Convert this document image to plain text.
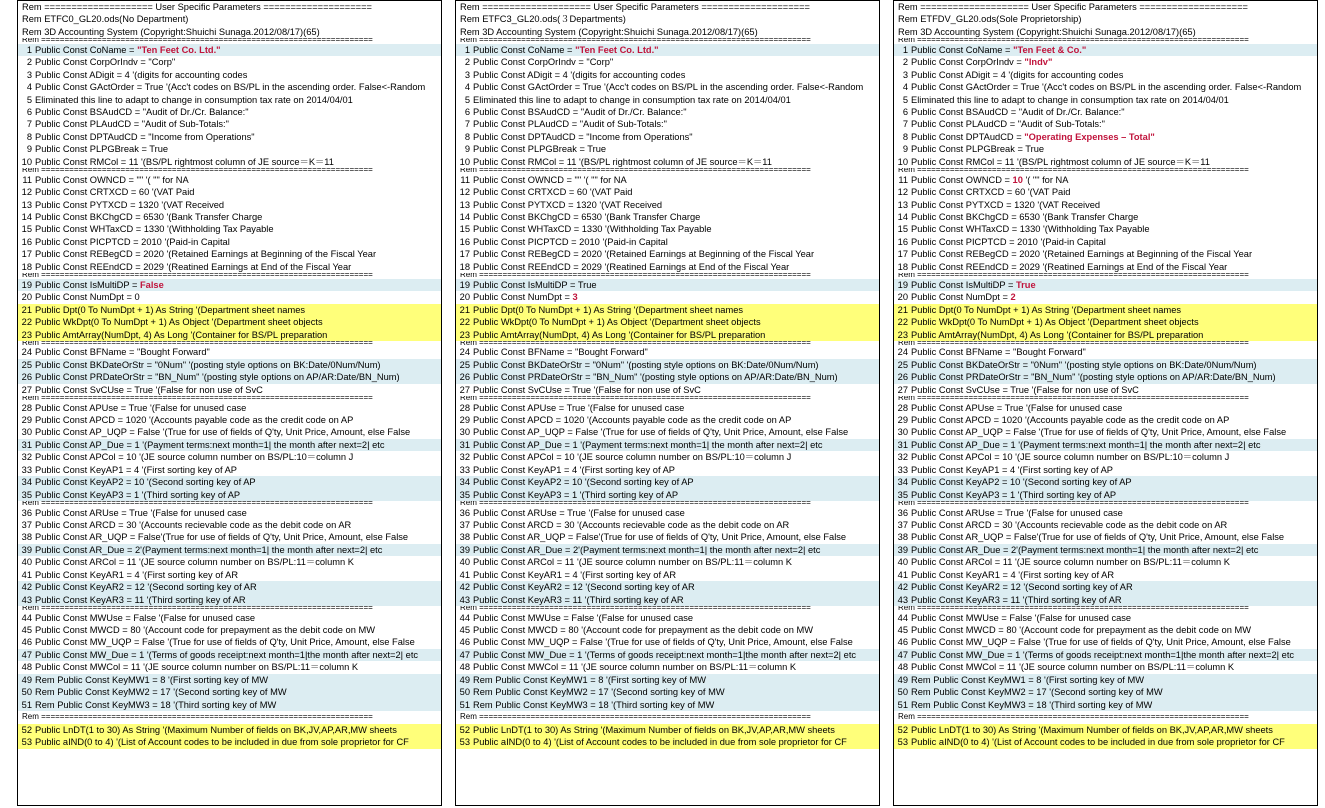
Rem ==================== User Specific Parameters ====================
Rem ETFC0_GL20.ods(No Department)
Rem 3D Accounting System (Copyright:Shuichi Sunaga.2012/08/17)(65)
Rem =======================================================================
1 Public Const CoName = "Ten Feet Co. Ltd."
2 Public Const CorpOrIndv = "Corp"
3 Public Const ADigit = 4 '(digits for accounting codes
4 Public Const GActOrder = True '(Acc't codes on BS/PL in the ascending order. False<-Random
5 Eliminated this line to adapt to change in consumption tax rate on 2014/04/01
6 Public Const BSAudCD = "Audit of Dr./Cr. Balance:"
7 Public Const PLAudCD = "Audit of Sub-Totals:"
8 Public Const DPTAudCD = "Income from Operations"
9 Public Const PLPGBreak = True
10 Public Const RMCol = 11 '(BS/PL rightmost column of JE source＝K＝11
Rem =======================================================================
11 Public Const OWNCD = "" '( "" for NA
12 Public Const CRTXCD = 60 '(VAT Paid
13 Public Const PYTXCD = 1320 '(VAT Received
14 Public Const BKChgCD = 6530 '(Bank Transfer Charge
15 Public Const WHTaxCD = 1330 '(Withholding Tax Payable
16 Public Const PICPTCD = 2010 '(Paid-in Capital
17 Public Const REBegCD = 2020 '(Retained Earnings at Beginning of the Fiscal Year
18 Public Const REEndCD = 2029 '(Reatined Earnings at End of the Fiscal Year
Rem =======================================================================
19 Public Const IsMultiDP = False
20 Public Const NumDpt = 0
21 Public Dpt(0 To NumDpt + 1) As String '(Department sheet names
22 Public WkDpt(0 To NumDpt + 1) As Object '(Department sheet objects
23 Public AmtArray(NumDpt, 4) As Long '(Container for BS/PL preparation
Rem =======================================================================
24 Public Const BFName = "Bought Forward"
25 Public Const BKDateOrStr = "0Num" '(posting style options on BK:Date/0Num/Num)
26 Public Const PRDateOrStr = "BN_Num" '(posting style options on AP/AR:Date/BN_Num)
27 Public Const SvCUse = True '(False for non use of SvC
Rem =======================================================================
28 Public Const APUse = True '(False for unused case
29 Public Const APCD = 1020 '(Accounts payable code as the credit code on AP
30 Public Const AP_UQP = False '(True for use of fields of Q'ty, Unit Price, Amount, else False
31 Public Const AP_Due = 1 '(Payment terms:next month=1| the month after next=2| etc
32 Public Const APCol = 10 '(JE source column number on BS/PL:10＝column J
33 Public Const KeyAP1 = 4 '(First sorting key of AP
34 Public Const KeyAP2 = 10 '(Second sorting key of AP
35 Public Const KeyAP3 = 1 '(Third sorting key of AP
Rem =======================================================================
36 Public Const ARUse = True '(False for unused case
37 Public Const ARCD = 30 '(Accounts recievable code as the debit code on AR
38 Public Const AR_UQP = False'(True for use of fields of Q'ty, Unit Price, Amount, else False
39 Public Const AR_Due = 2'(Payment terms:next month=1| the month after next=2| etc
40 Public Const ARCol = 11 '(JE source column number on BS/PL:11＝column K
41 Public Const KeyAR1 = 4 '(First sorting key of AR
42 Public Const KeyAR2 = 12 '(Second sorting key of AR
43 Public Const KeyAR3 = 11 '(Third sorting key of AR
Rem =======================================================================
44 Public Const MWUse = False '(False for unused case
45 Public Const MWCD = 80 '(Account code for prepayment as the debit code on MW
46 Public Const MW_UQP = False '(True for use of fields of Q'ty, Unit Price, Amount, else False
47 Public Const MW_Due = 1 '(Terms of goods receipt:next month=1|the month after next=2| etc
48 Public Const MWCol = 11 '(JE source column number on BS/PL:11＝column K
49 Rem Public Const KeyMW1 = 8 '(First sorting key of MW
50 Rem Public Const KeyMW2 = 17 '(Second sorting key of MW
51 Rem Public Const KeyMW3 = 18 '(Third sorting key of MW
Rem =======================================================================
52 Public LnDT(1 to 30) As String '(Maximum Number of fields on BK,JV,AP,AR,MW sheets
53 Public aIND(0 to 4) '(List of Account codes to be included in due from sole proprietor for CF
Rem ==================== User Specific Parameters ====================
Rem ETFC3_GL20.ods(３Departments)
Rem 3D Accounting System (Copyright:Shuichi Sunaga.2012/08/17)(65)
Rem =======================================================================
1 Public Const CoName = "Ten Feet Co. Ltd."
2 Public Const CorpOrIndv = "Corp"
3 Public Const ADigit = 4 '(digits for accounting codes
4 Public Const GActOrder = True '(Acc't codes on BS/PL in the ascending order. False<-Random
5 Eliminated this line to adapt to change in consumption tax rate on 2014/04/01
6 Public Const BSAudCD = "Audit of Dr./Cr. Balance:"
7 Public Const PLAudCD = "Audit of Sub-Totals:"
8 Public Const DPTAudCD = "Income from Operations"
9 Public Const PLPGBreak = True
10 Public Const RMCol = 11 '(BS/PL rightmost column of JE source＝K＝11
Rem =======================================================================
11 Public Const OWNCD = "" '( "" for NA
12 Public Const CRTXCD = 60 '(VAT Paid
13 Public Const PYTXCD = 1320 '(VAT Received
14 Public Const BKChgCD = 6530 '(Bank Transfer Charge
15 Public Const WHTaxCD = 1330 '(Withholding Tax Payable
16 Public Const PICPTCD = 2010 '(Paid-in Capital
17 Public Const REBegCD = 2020 '(Retained Earnings at Beginning of the Fiscal Year
18 Public Const REEndCD = 2029 '(Reatined Earnings at End of the Fiscal Year
Rem =======================================================================
19 Public Const IsMultiDP = True
20 Public Const NumDpt = 3
21 Public Dpt(0 To NumDpt + 1) As String '(Department sheet names
22 Public WkDpt(0 To NumDpt + 1) As Object '(Department sheet objects
23 Public AmtArray(NumDpt, 4) As Long '(Container for BS/PL preparation
Rem =======================================================================
24 Public Const BFName = "Bought Forward"
25 Public Const BKDateOrStr = "0Num" '(posting style options on BK:Date/0Num/Num)
26 Public Const PRDateOrStr = "BN_Num" '(posting style options on AP/AR:Date/BN_Num)
27 Public Const SvCUse = True '(False for non use of SvC
Rem =======================================================================
28 Public Const APUse = True '(False for unused case
29 Public Const APCD = 1020 '(Accounts payable code as the credit code on AP
30 Public Const AP_UQP = False '(True for use of fields of Q'ty, Unit Price, Amount, else False
31 Public Const AP_Due = 1 '(Payment terms:next month=1| the month after next=2| etc
32 Public Const APCol = 10 '(JE source column number on BS/PL:10＝column J
33 Public Const KeyAP1 = 4 '(First sorting key of AP
34 Public Const KeyAP2 = 10 '(Second sorting key of AP
35 Public Const KeyAP3 = 1 '(Third sorting key of AP
Rem =======================================================================
36 Public Const ARUse = True '(False for unused case
37 Public Const ARCD = 30 '(Accounts recievable code as the debit code on AR
38 Public Const AR_UQP = False'(True for use of fields of Q'ty, Unit Price, Amount, else False
39 Public Const AR_Due = 2'(Payment terms:next month=1| the month after next=2| etc
40 Public Const ARCol = 11 '(JE source column number on BS/PL:11＝column K
41 Public Const KeyAR1 = 4 '(First sorting key of AR
42 Public Const KeyAR2 = 12 '(Second sorting key of AR
43 Public Const KeyAR3 = 11 '(Third sorting key of AR
Rem =======================================================================
44 Public Const MWUse = False '(False for unused case
45 Public Const MWCD = 80 '(Account code for prepayment as the debit code on MW
46 Public Const MW_UQP = False '(True for use of fields of Q'ty, Unit Price, Amount, else False
47 Public Const MW_Due = 1 '(Terms of goods receipt:next month=1|the month after next=2| etc
48 Public Const MWCol = 11 '(JE source column number on BS/PL:11＝column K
49 Rem Public Const KeyMW1 = 8 '(First sorting key of MW
50 Rem Public Const KeyMW2 = 17 '(Second sorting key of MW
51 Rem Public Const KeyMW3 = 18 '(Third sorting key of MW
Rem =======================================================================
52 Public LnDT(1 to 30) As String '(Maximum Number of fields on BK,JV,AP,AR,MW sheets
53 Public aIND(0 to 4) '(List of Account codes to be included in due from sole proprietor for CF
Rem ==================== User Specific Parameters ====================
Rem ETFDV_GL20.ods(Sole Proprietorship)
Rem 3D Accounting System (Copyright:Shuichi Sunaga.2012/08/17)(65)
Rem =======================================================================
1 Public Const CoName = "Ten Feet & Co."
2 Public Const CorpOrIndv = "Indv"
3 Public Const ADigit = 4 '(digits for accounting codes
4 Public Const GActOrder = True '(Acc't codes on BS/PL in the ascending order. False<-Random
5 Eliminated this line to adapt to change in consumption tax rate on 2014/04/01
6 Public Const BSAudCD = "Audit of Dr./Cr. Balance:"
7 Public Const PLAudCD = "Audit of Sub-Totals:"
8 Public Const DPTAudCD = "Operating Expenses – Total"
9 Public Const PLPGBreak = True
10 Public Const RMCol = 11 '(BS/PL rightmost column of JE source＝K＝11
Rem =======================================================================
11 Public Const OWNCD = 10 '( "" for NA
12 Public Const CRTXCD = 60 '(VAT Paid
13 Public Const PYTXCD = 1320 '(VAT Received
14 Public Const BKChgCD = 6530 '(Bank Transfer Charge
15 Public Const WHTaxCD = 1330 '(Withholding Tax Payable
16 Public Const PICPTCD = 2010 '(Paid-in Capital
17 Public Const REBegCD = 2020 '(Retained Earnings at Beginning of the Fiscal Year
18 Public Const REEndCD = 2029 '(Reatined Earnings at End of the Fiscal Year
Rem =======================================================================
19 Public Const IsMultiDP = True
20 Public Const NumDpt = 2
21 Public Dpt(0 To NumDpt + 1) As String '(Department sheet names
22 Public WkDpt(0 To NumDpt + 1) As Object '(Department sheet objects
23 Public AmtArray(NumDpt, 4) As Long '(Container for BS/PL preparation
Rem =======================================================================
24 Public Const BFName = "Bought Forward"
25 Public Const BKDateOrStr = "0Num" '(posting style options on BK:Date/0Num/Num)
26 Public Const PRDateOrStr = "BN_Num" '(posting style options on AP/AR:Date/BN_Num)
27 Public Const SvCUse = True '(False for non use of SvC
Rem =======================================================================
28 Public Const APUse = True '(False for unused case
29 Public Const APCD = 1020 '(Accounts payable code as the credit code on AP
30 Public Const AP_UQP = False '(True for use of fields of Q'ty, Unit Price, Amount, else False
31 Public Const AP_Due = 1 '(Payment terms:next month=1| the month after next=2| etc
32 Public Const APCol = 10 '(JE source column number on BS/PL:10＝column J
33 Public Const KeyAP1 = 4 '(First sorting key of AP
34 Public Const KeyAP2 = 10 '(Second sorting key of AP
35 Public Const KeyAP3 = 1 '(Third sorting key of AP
Rem =======================================================================
36 Public Const ARUse = True '(False for unused case
37 Public Const ARCD = 30 '(Accounts recievable code as the debit code on AR
38 Public Const AR_UQP = False'(True for use of fields of Q'ty, Unit Price, Amount, else False
39 Public Const AR_Due = 2'(Payment terms:next month=1| the month after next=2| etc
40 Public Const ARCol = 11 '(JE source column number on BS/PL:11＝column K
41 Public Const KeyAR1 = 4 '(First sorting key of AR
42 Public Const KeyAR2 = 12 '(Second sorting key of AR
43 Public Const KeyAR3 = 11 '(Third sorting key of AR
Rem =======================================================================
44 Public Const MWUse = False '(False for unused case
45 Public Const MWCD = 80 '(Account code for prepayment as the debit code on MW
46 Public Const MW_UQP = False '(True for use of fields of Q'ty, Unit Price, Amount, else False
47 Public Const MW_Due = 1 '(Terms of goods receipt:next month=1|the month after next=2| etc
48 Public Const MWCol = 11 '(JE source column number on BS/PL:11＝column K
49 Rem Public Const KeyMW1 = 8 '(First sorting key of MW
50 Rem Public Const KeyMW2 = 17 '(Second sorting key of MW
51 Rem Public Const KeyMW3 = 18 '(Third sorting key of MW
Rem =======================================================================
52 Public LnDT(1 to 30) As String '(Maximum Number of fields on BK,JV,AP,AR,MW sheets
53 Public aIND(0 to 4) '(List of Account codes to be included in due from sole proprietor for CF
